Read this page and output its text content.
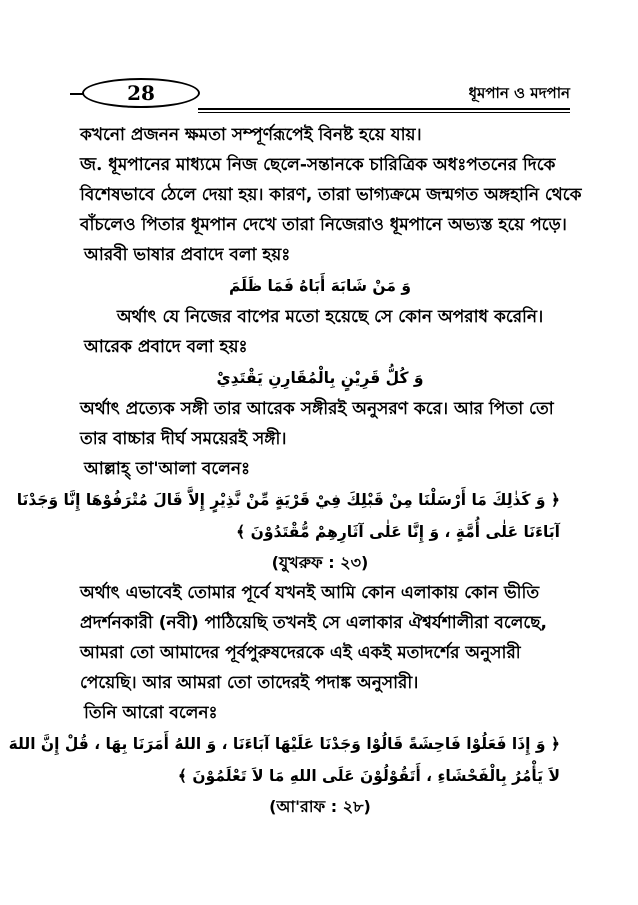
28	ধূমপান ও মদপান
কখনো প্রজনন ক্ষমতা সম্পূর্ণরূপেই বিনষ্ট হয়ে যায়।
জ. ধূমপানের মাধ্যমে নিজ ছেলে-সন্তানকে চারিত্রিক অধঃপতনের দিকে
বিশেষভাবে ঠেলে দেয়া হয়। কারণ, তারা ভাগ্যক্রমে জন্মগত অঙ্গহানি থেকে
বাঁচলেও পিতার ধূমপান দেখে তারা নিজেরাও ধূমপানে অভ্যস্ত হয়ে পড়ে।
আরবী ভাষার প্রবাদে বলা হয়ঃ
وَ مَنْ شَابَهَ أَبَاهُ فَمَا ظَلَمَ
অর্থাৎ যে নিজের বাপের মতো হয়েছে সে কোন অপরাধ করেনি।
আরেক প্রবাদে বলা হয়ঃ
وَ كُلُّ قَرِيْنٍ بِالْمُقَارِنِ يَقْتَدِيْ
অর্থাৎ প্রত্যেক সঙ্গী তার আরেক সঙ্গীরই অনুসরণ করে। আর পিতা তো
তার বাচ্চার দীর্ঘ সময়েরই সঙ্গী।
আল্লাহ্ তা'আলা বলেনঃ
﴿ وَ كَذٰلِكَ مَا أَرْسَلْنَا مِنْ قَبْلِكَ فِيْ قَرْيَةٍ مِّنْ نَّذِيْرٍ إِلاَّ قَالَ مُتْرَفُوْهَا إِنَّا وَجَدْنَا
آبَاءَنَا عَلٰى أُمَّةٍ ، وَ إِنَّا عَلٰى آثَارِهِمْ مُّقْتَدُوْنَ ﴾
(যুখরুফ : ২৩)
অর্থাৎ এভাবেই তোমার পূর্বে যখনই আমি কোন এলাকায় কোন ভীতি
প্রদর্শনকারী (নবী) পাঠিয়েছি তখনই সে এলাকার ঐশ্বর্যশালীরা বলেছে,
আমরা তো আমাদের পূর্বপুরুষদেরকে এই একই মতাদর্শের অনুসারী
পেয়েছি। আর আমরা তো তাদেরই পদাঙ্ক অনুসারী।
তিনি আরো বলেনঃ
﴿ وَ إِذَا فَعَلُوْا فَاحِشَةً قَالُوْا وَجَدْنَا عَلَيْهَا آبَاءَنَا ، وَ اللهُ أَمَرَنَا بِهَا ، قُلْ إِنَّ اللهَ
لاَ يَأْمُرُ بِالْفَحْشَاءِ ، أَتَقُوْلُوْنَ عَلَى اللهِ مَا لاَ تَعْلَمُوْنَ ﴾
(আ'রাফ : ২৮)
